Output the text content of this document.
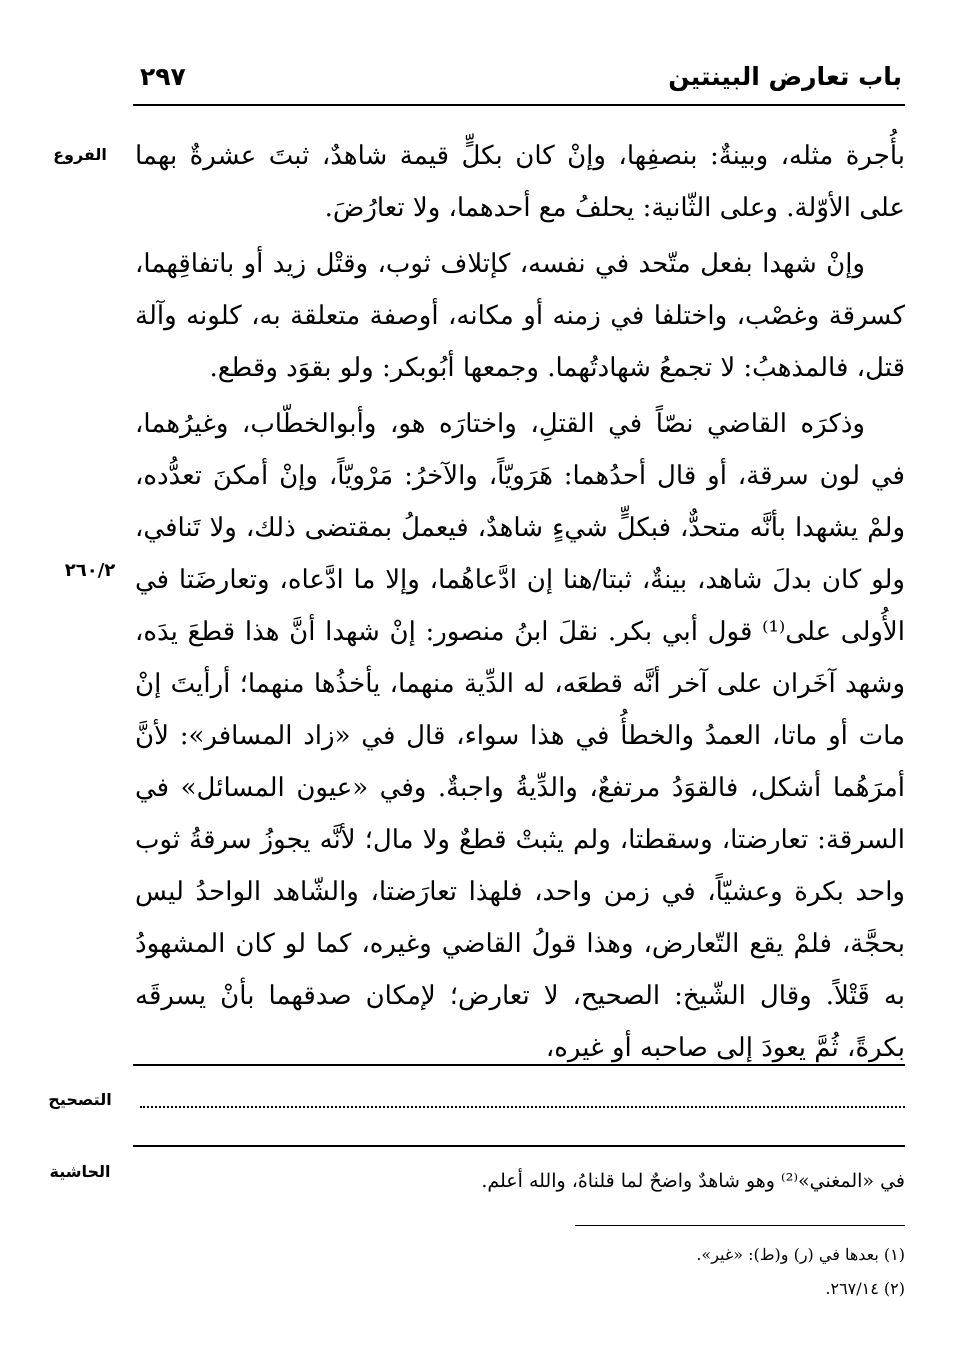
باب تعارض البينتين
٢٩٧
الفروع
٢٦٠/٢

بأُجرة مثله، وبينةٌ: بنصفِها، وإنْ كان بكلٍّ قيمة شاهدٌ، ثبتَ عشرةٌ بهما على الأوّلة. وعلى الثّانية: يحلفُ مع أحدهما، ولا تعارُضَ.

وإنْ شهدا بفعل متّحد في نفسه، كإتلاف ثوب، وقتْل زيد أو باتفاقِهما، كسرقة وغصْب، واختلفا في زمنه أو مكانه، أوصفة متعلقة به، كلونه وآلة قتل، فالمذهبُ: لا تجمعُ شهادتُهما. وجمعها أبُوبكر: ولو بقوَد وقطع.

وذكرَه القاضي نصّاً في القتلِ، واختارَه هو، وأبوالخطّاب، وغيرُهما، في لون سرقة، أو قال أحدُهما: هَرَويّاً، والآخرُ: مَرْويّاً، وإنْ أمكنَ تعدُّده، ولمْ يشهدا بأنَّه متحدٌّ، فبكلٍّ شيءٍ شاهدٌ، فيعملُ بمقتضى ذلك، ولا تَنافي، ولو كان بدلَ شاهد، بينةٌ، ثبتا/هنا إن ادَّعاهُما، وإلا ما ادَّعاه، وتعارضَتا في الأُولى على⁽¹⁾ قول أبي بكر. نقلَ ابنُ منصور: إنْ شهدا أنَّ هذا قطعَ يدَه، وشهد آخَران على آخر أنَّه قطعَه، له الدِّية منهما، يأخذُها منهما؛ أرأيتَ إنْ مات أو ماتا، العمدُ والخطأُ في هذا سواء، قال في «زاد المسافر»: لأنَّ أمرَهُما أشكل، فالقوَدُ مرتفعٌ، والدِّيةُ واجبةٌ. وفي «عيون المسائل» في السرقة: تعارضتا، وسقطتا، ولم يثبتْ قطعٌ ولا مال؛ لأنَّه يجوزُ سرقةُ ثوب واحد بكرة وعشيّاً، في زمن واحد، فلهذا تعارَضتا، والشّاهد الواحدُ ليس بحجَّة، فلمْ يقع التّعارض، وهذا قولُ القاضي وغيره، كما لو كان المشهودُ به قَتْلاً. وقال الشّيخ: الصحيح، لا تعارض؛ لإمكان صدقهما بأنْ يسرقَه بكرةً، ثُمَّ يعودَ إلى صاحبه أو غيره،

التصحيح
الحاشية	في «المغني»⁽²⁾ وهو شاهدٌ واضحٌ لما قلناهُ، والله أعلم.
(١) بعدها في (ر) و(ط): «غير».
(٢) ٢٦٧/١٤.
